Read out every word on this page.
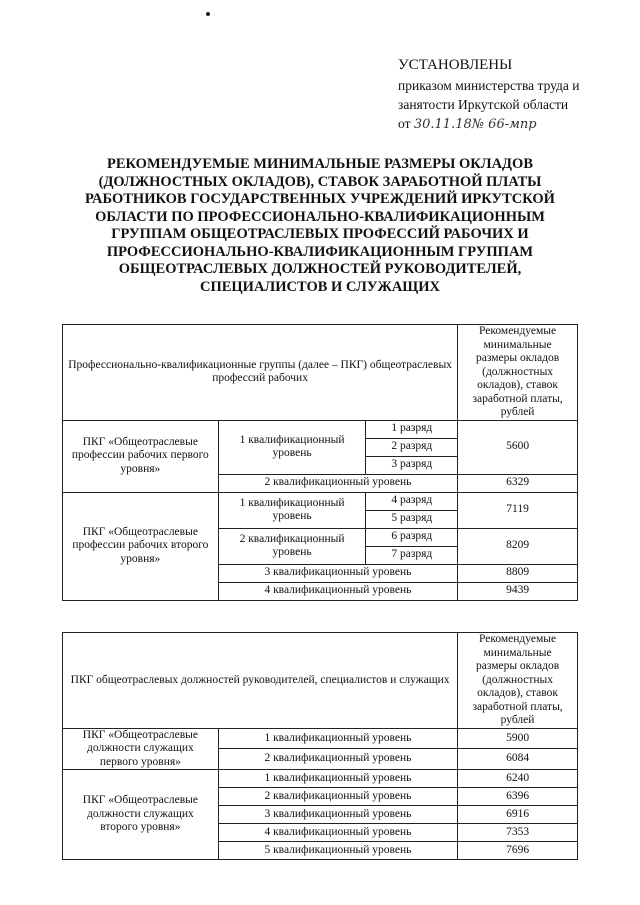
УСТАНОВЛЕНЫ
приказом министерства труда и
занятости Иркутской области
от 30.11.18№ 66-мпр
РЕКОМЕНДУЕМЫЕ МИНИМАЛЬНЫЕ РАЗМЕРЫ ОКЛАДОВ (ДОЛЖНОСТНЫХ ОКЛАДОВ), СТАВОК ЗАРАБОТНОЙ ПЛАТЫ РАБОТНИКОВ ГОСУДАРСТВЕННЫХ УЧРЕЖДЕНИЙ ИРКУТСКОЙ ОБЛАСТИ ПО ПРОФЕССИОНАЛЬНО-КВАЛИФИКАЦИОННЫМ ГРУППАМ ОБЩЕОТРАСЛЕВЫХ ПРОФЕССИЙ РАБОЧИХ И ПРОФЕССИОНАЛЬНО-КВАЛИФИКАЦИОННЫМ ГРУППАМ ОБЩЕОТРАСЛЕВЫХ ДОЛЖНОСТЕЙ РУКОВОДИТЕЛЕЙ, СПЕЦИАЛИСТОВ И СЛУЖАЩИХ
Профессионально-квалификационные группы (далее – ПКГ) общеотраслевых профессий рабочих			Рекомендуемые минимальные размеры окладов (должностных окладов), ставок заработной платы, рублей
ПКГ «Общеотраслевые профессии рабочих первого уровня»	1 квалификационный уровень	1 разряд	5600
		2 разряд	
		3 разряд	
	2 квалификационный уровень		6329
ПКГ «Общеотраслевые профессии рабочих второго уровня»	1 квалификационный уровень	4 разряд	7119
		5 разряд	
	2 квалификационный уровень	6 разряд	8209
		7 разряд	
	3 квалификационный уровень		8809
	4 квалификационный уровень		9439
ПКГ общеотраслевых должностей руководителей, специалистов и служащих		Рекомендуемые минимальные размеры окладов (должностных окладов), ставок заработной платы, рублей
ПКГ «Общеотраслевые должности служащих первого уровня»	1 квалификационный уровень	5900
	2 квалификационный уровень	6084
ПКГ «Общеотраслевые должности служащих второго уровня»	1 квалификационный уровень	6240
	2 квалификационный уровень	6396
	3 квалификационный уровень	6916
	4 квалификационный уровень	7353
	5 квалификационный уровень	7696
